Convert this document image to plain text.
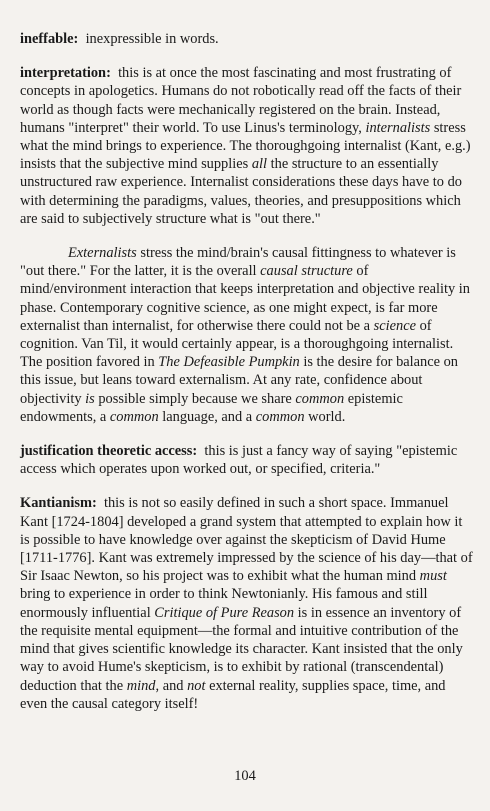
ineffable: inexpressible in words.

interpretation: this is at once the most fascinating and most frustrating of concepts in apologetics. Humans do not robotically read off the facts of their world as though facts were mechanically registered on the brain. Instead, humans "interpret" their world. To use Linus's terminology, internalists stress what the mind brings to experience. The thoroughgoing internalist (Kant, e.g.) insists that the subjective mind supplies all the structure to an essentially unstructured raw experience. Internalist considerations these days have to do with determining the paradigms, values, theories, and presuppositions which are said to subjectively structure what is "out there."

Externalists stress the mind/brain's causal fittingness to whatever is "out there." For the latter, it is the overall causal structure of mind/environment interaction that keeps interpretation and objective reality in phase. Contemporary cognitive science, as one might expect, is far more externalist than internalist, for otherwise there could not be a science of cognition. Van Til, it would certainly appear, is a thoroughgoing internalist. The position favored in The Defeasible Pumpkin is the desire for balance on this issue, but leans toward externalism. At any rate, confidence about objectivity is possible simply because we share common epistemic endowments, a common language, and a common world.

justification theoretic access: this is just a fancy way of saying "epistemic access which operates upon worked out, or specified, criteria."

Kantianism: this is not so easily defined in such a short space. Immanuel Kant [1724-1804] developed a grand system that attempted to explain how it is possible to have knowledge over against the skepticism of David Hume [1711-1776]. Kant was extremely impressed by the science of his day—that of Sir Isaac Newton, so his project was to exhibit what the human mind must bring to experience in order to think Newtonianly. His famous and still enormously influential Critique of Pure Reason is in essence an inventory of the requisite mental equipment—the formal and intuitive contribution of the mind that gives scientific knowledge its character. Kant insisted that the only way to avoid Hume's skepticism, is to exhibit by rational (transcendental) deduction that the mind, and not external reality, supplies space, time, and even the causal category itself!

104
